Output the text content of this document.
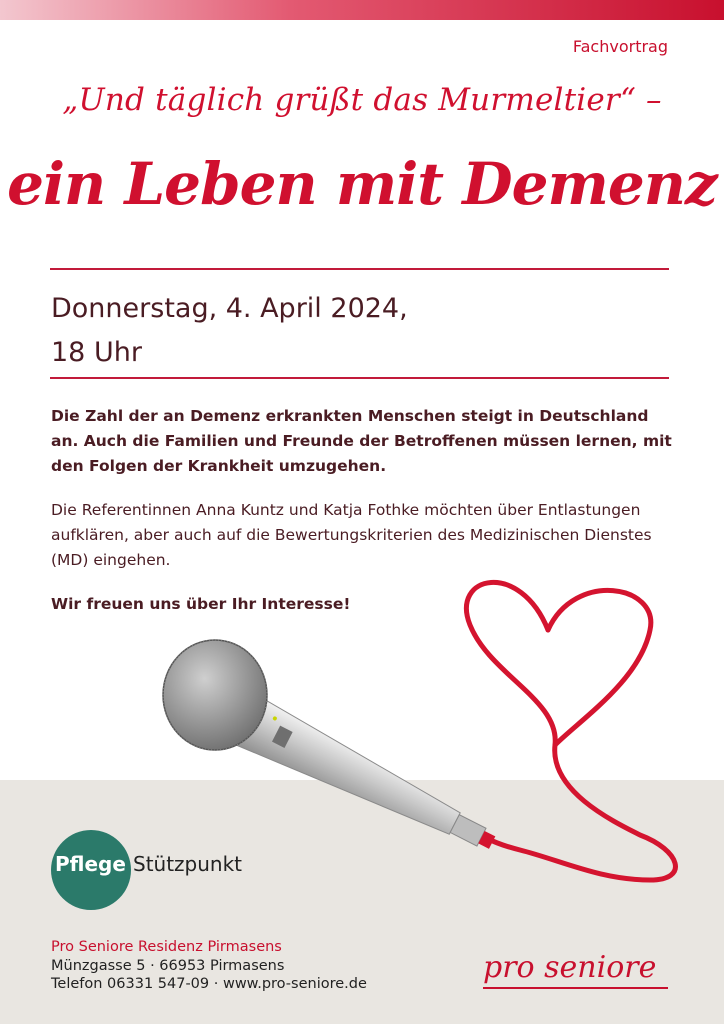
Fachvortrag
„Und täglich grüßt das Murmeltier“ –
ein Leben mit Demenz
Donnerstag, 4. April 2024,
18 Uhr
Die Zahl der an Demenz erkrankten Menschen steigt in Deutschland an. Auch die Familien und Freunde der Betroffenen müssen lernen, mit den Folgen der Krankheit umzugehen.
Die Referentinnen Anna Kuntz und Katja Fothke möchten über Entlastungen aufklären, aber auch auf die Bewertungskriterien des Medizinischen Dienstes (MD) eingehen.
Wir freuen uns über Ihr Interesse!
Pflege Stützpunkt
Pro Seniore Residenz Pirmasens
Münzgasse 5 · 66953 Pirmasens
Telefon 06331 547-09 · www.pro-seniore.de	pro seniore
